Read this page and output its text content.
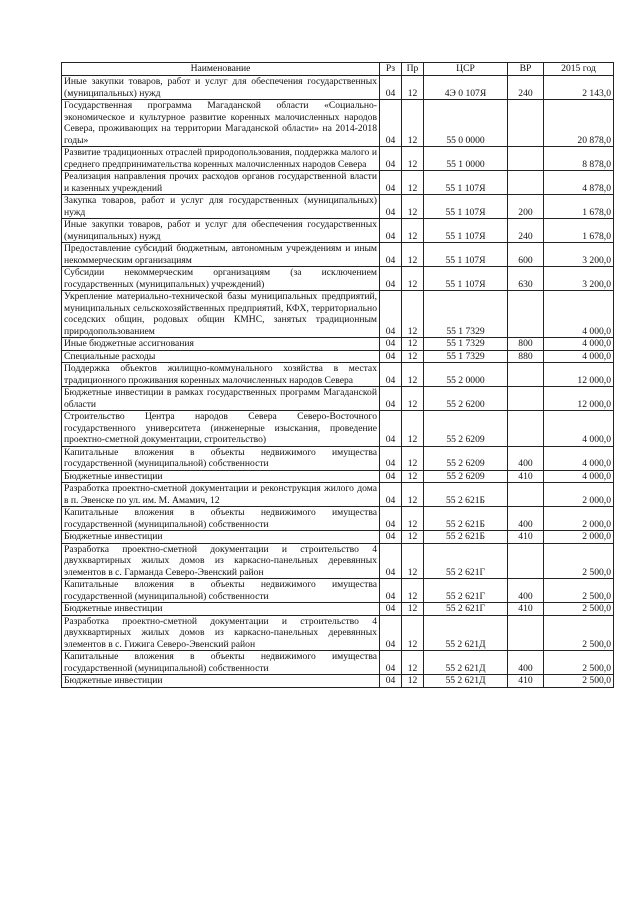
Наименование	Рз	Пр	ЦСР	ВР	2015 год
Иные закупки товаров, работ и услуг для обеспечения государственных (муниципальных) нужд	04	12	4Э 0 107Я	240	2 143,0
Государственная программа Магаданской области «Социально-экономическое и культурное развитие коренных малочисленных народов Севера, проживающих на территории Магаданской области» на 2014-2018 годы»	04	12	55 0 0000		20 878,0
Развитие традиционных отраслей природопользования, поддержка малого и среднего предпринимательства коренных малочисленных народов Севера	04	12	55 1 0000		8 878,0
Реализация направления прочих расходов органов государственной власти и казенных учреждений	04	12	55 1 107Я		4 878,0
Закупка товаров, работ и услуг для государственных (муниципальных) нужд	04	12	55 1 107Я	200	1 678,0
Иные закупки товаров, работ и услуг для обеспечения государственных (муниципальных) нужд	04	12	55 1 107Я	240	1 678,0
Предоставление субсидий бюджетным, автономным учреждениям и иным некоммерческим организациям	04	12	55 1 107Я	600	3 200,0
Субсидии некоммерческим организациям (за исключением государственных (муниципальных) учреждений)	04	12	55 1 107Я	630	3 200,0
Укрепление материально-технической базы муниципальных предприятий, муниципальных сельскохозяйственных предприятий, КФХ, территориально соседских общин, родовых общин КМНС, занятых традиционным природопользованием	04	12	55 1 7329		4 000,0
Иные бюджетные ассигнования	04	12	55 1 7329	800	4 000,0
Специальные расходы	04	12	55 1 7329	880	4 000,0
Поддержка объектов жилищно-коммунального хозяйства в местах традиционного проживания коренных малочисленных народов Севера	04	12	55 2 0000		12 000,0
Бюджетные инвестиции в рамках государственных программ Магаданской области	04	12	55 2 6200		12 000,0
Строительство Центра народов Севера Северо-Восточного государственного университета (инженерные изыскания, проведение проектно-сметной документации, строительство)	04	12	55 2 6209		4 000,0
Капитальные вложения в объекты недвижимого имущества государственной (муниципальной) собственности	04	12	55 2 6209	400	4 000,0
Бюджетные инвестиции	04	12	55 2 6209	410	4 000,0
Разработка проектно-сметной документации и реконструкция жилого дома в п. Эвенске по ул. им. М. Амамич, 12	04	12	55 2 621Б		2 000,0
Капитальные вложения в объекты недвижимого имущества государственной (муниципальной) собственности	04	12	55 2 621Б	400	2 000,0
Бюджетные инвестиции	04	12	55 2 621Б	410	2 000,0
Разработка проектно-сметной документации и строительство 4 двухквартирных жилых домов из каркасно-панельных деревянных элементов в с. Гарманда Северо-Эвенский район	04	12	55 2 621Г		2 500,0
Капитальные вложения в объекты недвижимого имущества государственной (муниципальной) собственности	04	12	55 2 621Г	400	2 500,0
Бюджетные инвестиции	04	12	55 2 621Г	410	2 500,0
Разработка проектно-сметной документации и строительство 4 двухквартирных жилых домов из каркасно-панельных деревянных элементов в с. Гижига Северо-Эвенский район	04	12	55 2 621Д		2 500,0
Капитальные вложения в объекты недвижимого имущества государственной (муниципальной) собственности	04	12	55 2 621Д	400	2 500,0
Бюджетные инвестиции	04	12	55 2 621Д	410	2 500,0
